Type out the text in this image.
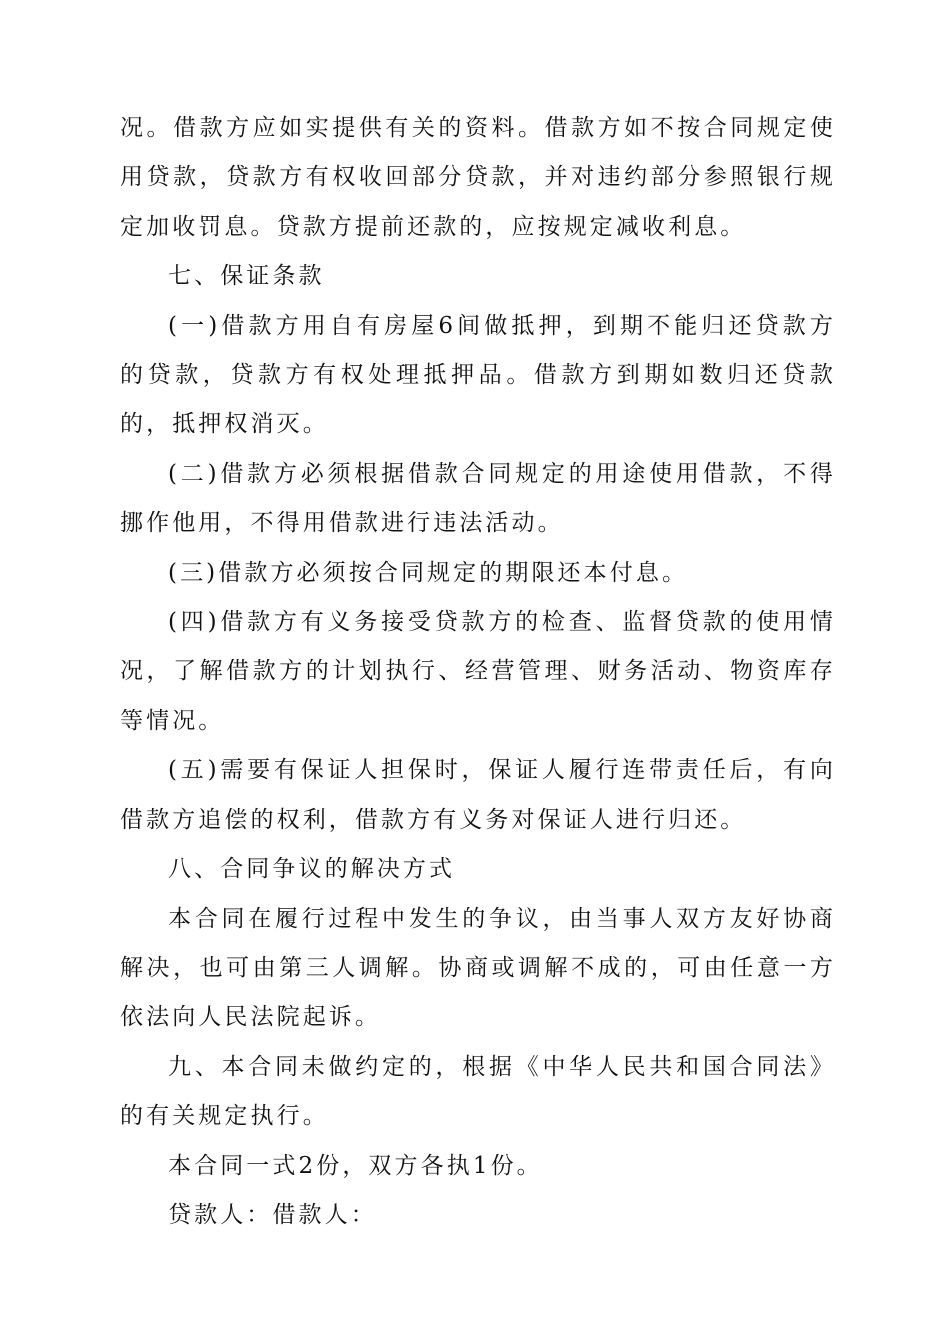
况。借款方应如实提供有关的资料。借款方如不按合同规定使用贷款，贷款方有权收回部分贷款，并对违约部分参照银行规定加收罚息。贷款方提前还款的，应按规定减收利息。

七、保证条款

(一)借款方用自有房屋6间做抵押，到期不能归还贷款方的贷款，贷款方有权处理抵押品。借款方到期如数归还贷款的，抵押权消灭。

(二)借款方必须根据借款合同规定的用途使用借款，不得挪作他用，不得用借款进行违法活动。

(三)借款方必须按合同规定的期限还本付息。

(四)借款方有义务接受贷款方的检查、监督贷款的使用情况，了解借款方的计划执行、经营管理、财务活动、物资库存等情况。

(五)需要有保证人担保时，保证人履行连带责任后，有向借款方追偿的权利，借款方有义务对保证人进行归还。

八、合同争议的解决方式

本合同在履行过程中发生的争议，由当事人双方友好协商解决，也可由第三人调解。协商或调解不成的，可由任意一方依法向人民法院起诉。

九、本合同未做约定的，根据《中华人民共和国合同法》的有关规定执行。

本合同一式2份，双方各执1份。

贷款人：借款人：
